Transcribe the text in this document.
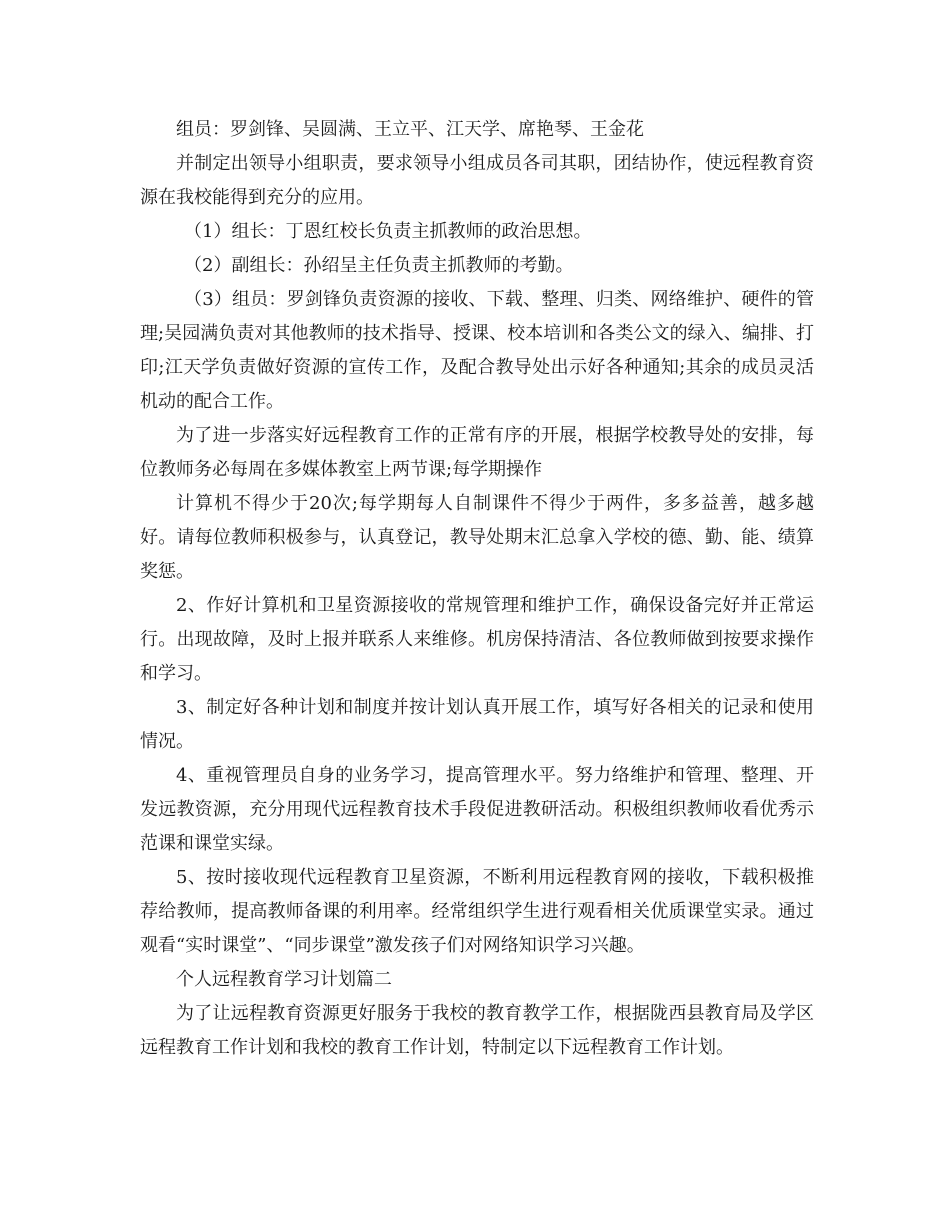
组员：罗剑锋、吴圆满、王立平、江天学、席艳琴、王金花

并制定出领导小组职责，要求领导小组成员各司其职，团结协作，使远程教育资源在我校能得到充分的应用。

（1）组长：丁恩红校长负责主抓教师的政治思想。

（2）副组长：孙绍呈主任负责主抓教师的考勤。

（3）组员：罗剑锋负责资源的接收、下载、整理、归类、网络维护、硬件的管理;吴园满负责对其他教师的技术指导、授课、校本培训和各类公文的绿入、编排、打印;江天学负责做好资源的宣传工作，及配合教导处出示好各种通知;其余的成员灵活机动的配合工作。

为了进一步落实好远程教育工作的正常有序的开展，根据学校教导处的安排，每位教师务必每周在多媒体教室上两节课;每学期操作

计算机不得少于20次;每学期每人自制课件不得少于两件，多多益善，越多越好。请每位教师积极参与，认真登记，教导处期末汇总拿入学校的德、勤、能、绩算奖惩。

2、作好计算机和卫星资源接收的常规管理和维护工作，确保设备完好并正常运行。出现故障，及时上报并联系人来维修。机房保持清洁、各位教师做到按要求操作和学习。

3、制定好各种计划和制度并按计划认真开展工作，填写好各相关的记录和使用情况。

4、重视管理员自身的业务学习，提高管理水平。努力络维护和管理、整理、开发远教资源，充分用现代远程教育技术手段促进教研活动。积极组织教师收看优秀示范课和课堂实绿。

5、按时接收现代远程教育卫星资源，不断利用远程教育网的接收，下载积极推荐给教师，提高教师备课的利用率。经常组织学生进行观看相关优质课堂实录。通过观看“实时课堂”、“同步课堂”激发孩子们对网络知识学习兴趣。

个人远程教育学习计划篇二

为了让远程教育资源更好服务于我校的教育教学工作，根据陇西县教育局及学区远程教育工作计划和我校的教育工作计划，特制定以下远程教育工作计划。
